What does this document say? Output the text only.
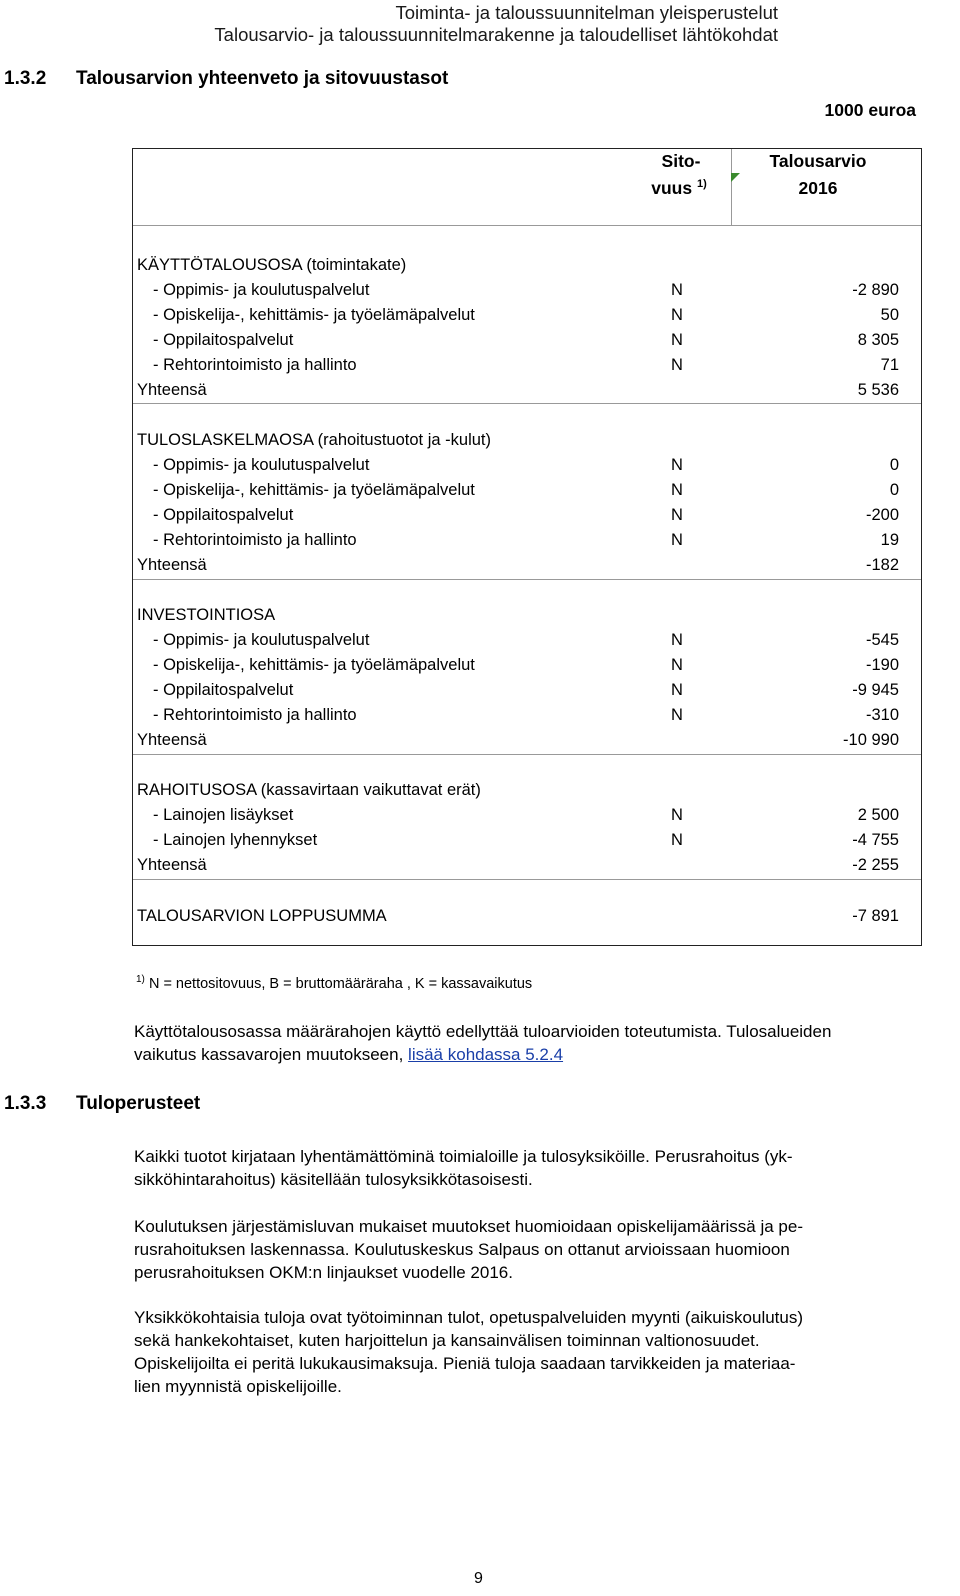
Toiminta- ja taloussuunnitelman yleisperustelut
Talousarvio- ja taloussuunnitelmarakenne ja taloudelliset lähtökohdat
1.3.2 Talousarvion yhteenveto ja sitovuustasot
1000 euroa
Sito-
vuus $^{1)}$
Talousarvio
2016
KÄYTTÖTALOUSOSA (toimintakate)
- Oppimis- ja koulutuspalvelut	N	-2 890
- Opiskelija-, kehittämis- ja työelämäpalvelut	N	50
- Oppilaitospalvelut	N	8 305
- Rehtorintoimisto ja hallinto	N	71
Yhteensä	5 536
TULOSLASKELMAOSA (rahoitustuotot ja -kulut)
- Oppimis- ja koulutuspalvelut	N	0
- Opiskelija-, kehittämis- ja työelämäpalvelut	N	0
- Oppilaitospalvelut	N	-200
- Rehtorintoimisto ja hallinto	N	19
Yhteensä	-182
INVESTOINTIOSA
- Oppimis- ja koulutuspalvelut	N	-545
- Opiskelija-, kehittämis- ja työelämäpalvelut	N	-190
- Oppilaitospalvelut	N	-9 945
- Rehtorintoimisto ja hallinto	N	-310
Yhteensä	-10 990
RAHOITUSOSA (kassavirtaan vaikuttavat erät)
- Lainojen lisäykset	N	2 500
- Lainojen lyhennykset	N	-4 755
Yhteensä	-2 255
TALOUSARVION LOPPUSUMMA	-7 891
$^{1)}$ N = nettositovuus, B = bruttomääräraha , K = kassavaikutus
Käyttötalousosassa määrärahojen käyttö edellyttää tuloarvioiden toteutumista. Tulosalueiden
vaikutus kassavarojen muutokseen, lisää kohdassa 5.2.4
1.3.3 Tuloperusteet
Kaikki tuotot kirjataan lyhentämättöminä toimialoille ja tulosyksiköille. Perusrahoitus (yk-
sikköhintarahoitus) käsitellään tulosyksikkötasoisesti.
Koulutuksen järjestämisluvan mukaiset muutokset huomioidaan opiskelijamäärissä ja pe-
rusrahoituksen laskennassa. Koulutuskeskus Salpaus on ottanut arvioissaan huomioon
perusrahoituksen OKM:n linjaukset vuodelle 2016.
Yksikkökohtaisia tuloja ovat työtoiminnan tulot, opetuspalveluiden myynti (aikuiskoulutus)
sekä hankekohtaiset, kuten harjoittelun ja kansainvälisen toiminnan valtionosuudet.
Opiskelijoilta ei peritä lukukausimaksuja. Pieniä tuloja saadaan tarvikkeiden ja materiaa-
lien myynnistä opiskelijoille.
9
